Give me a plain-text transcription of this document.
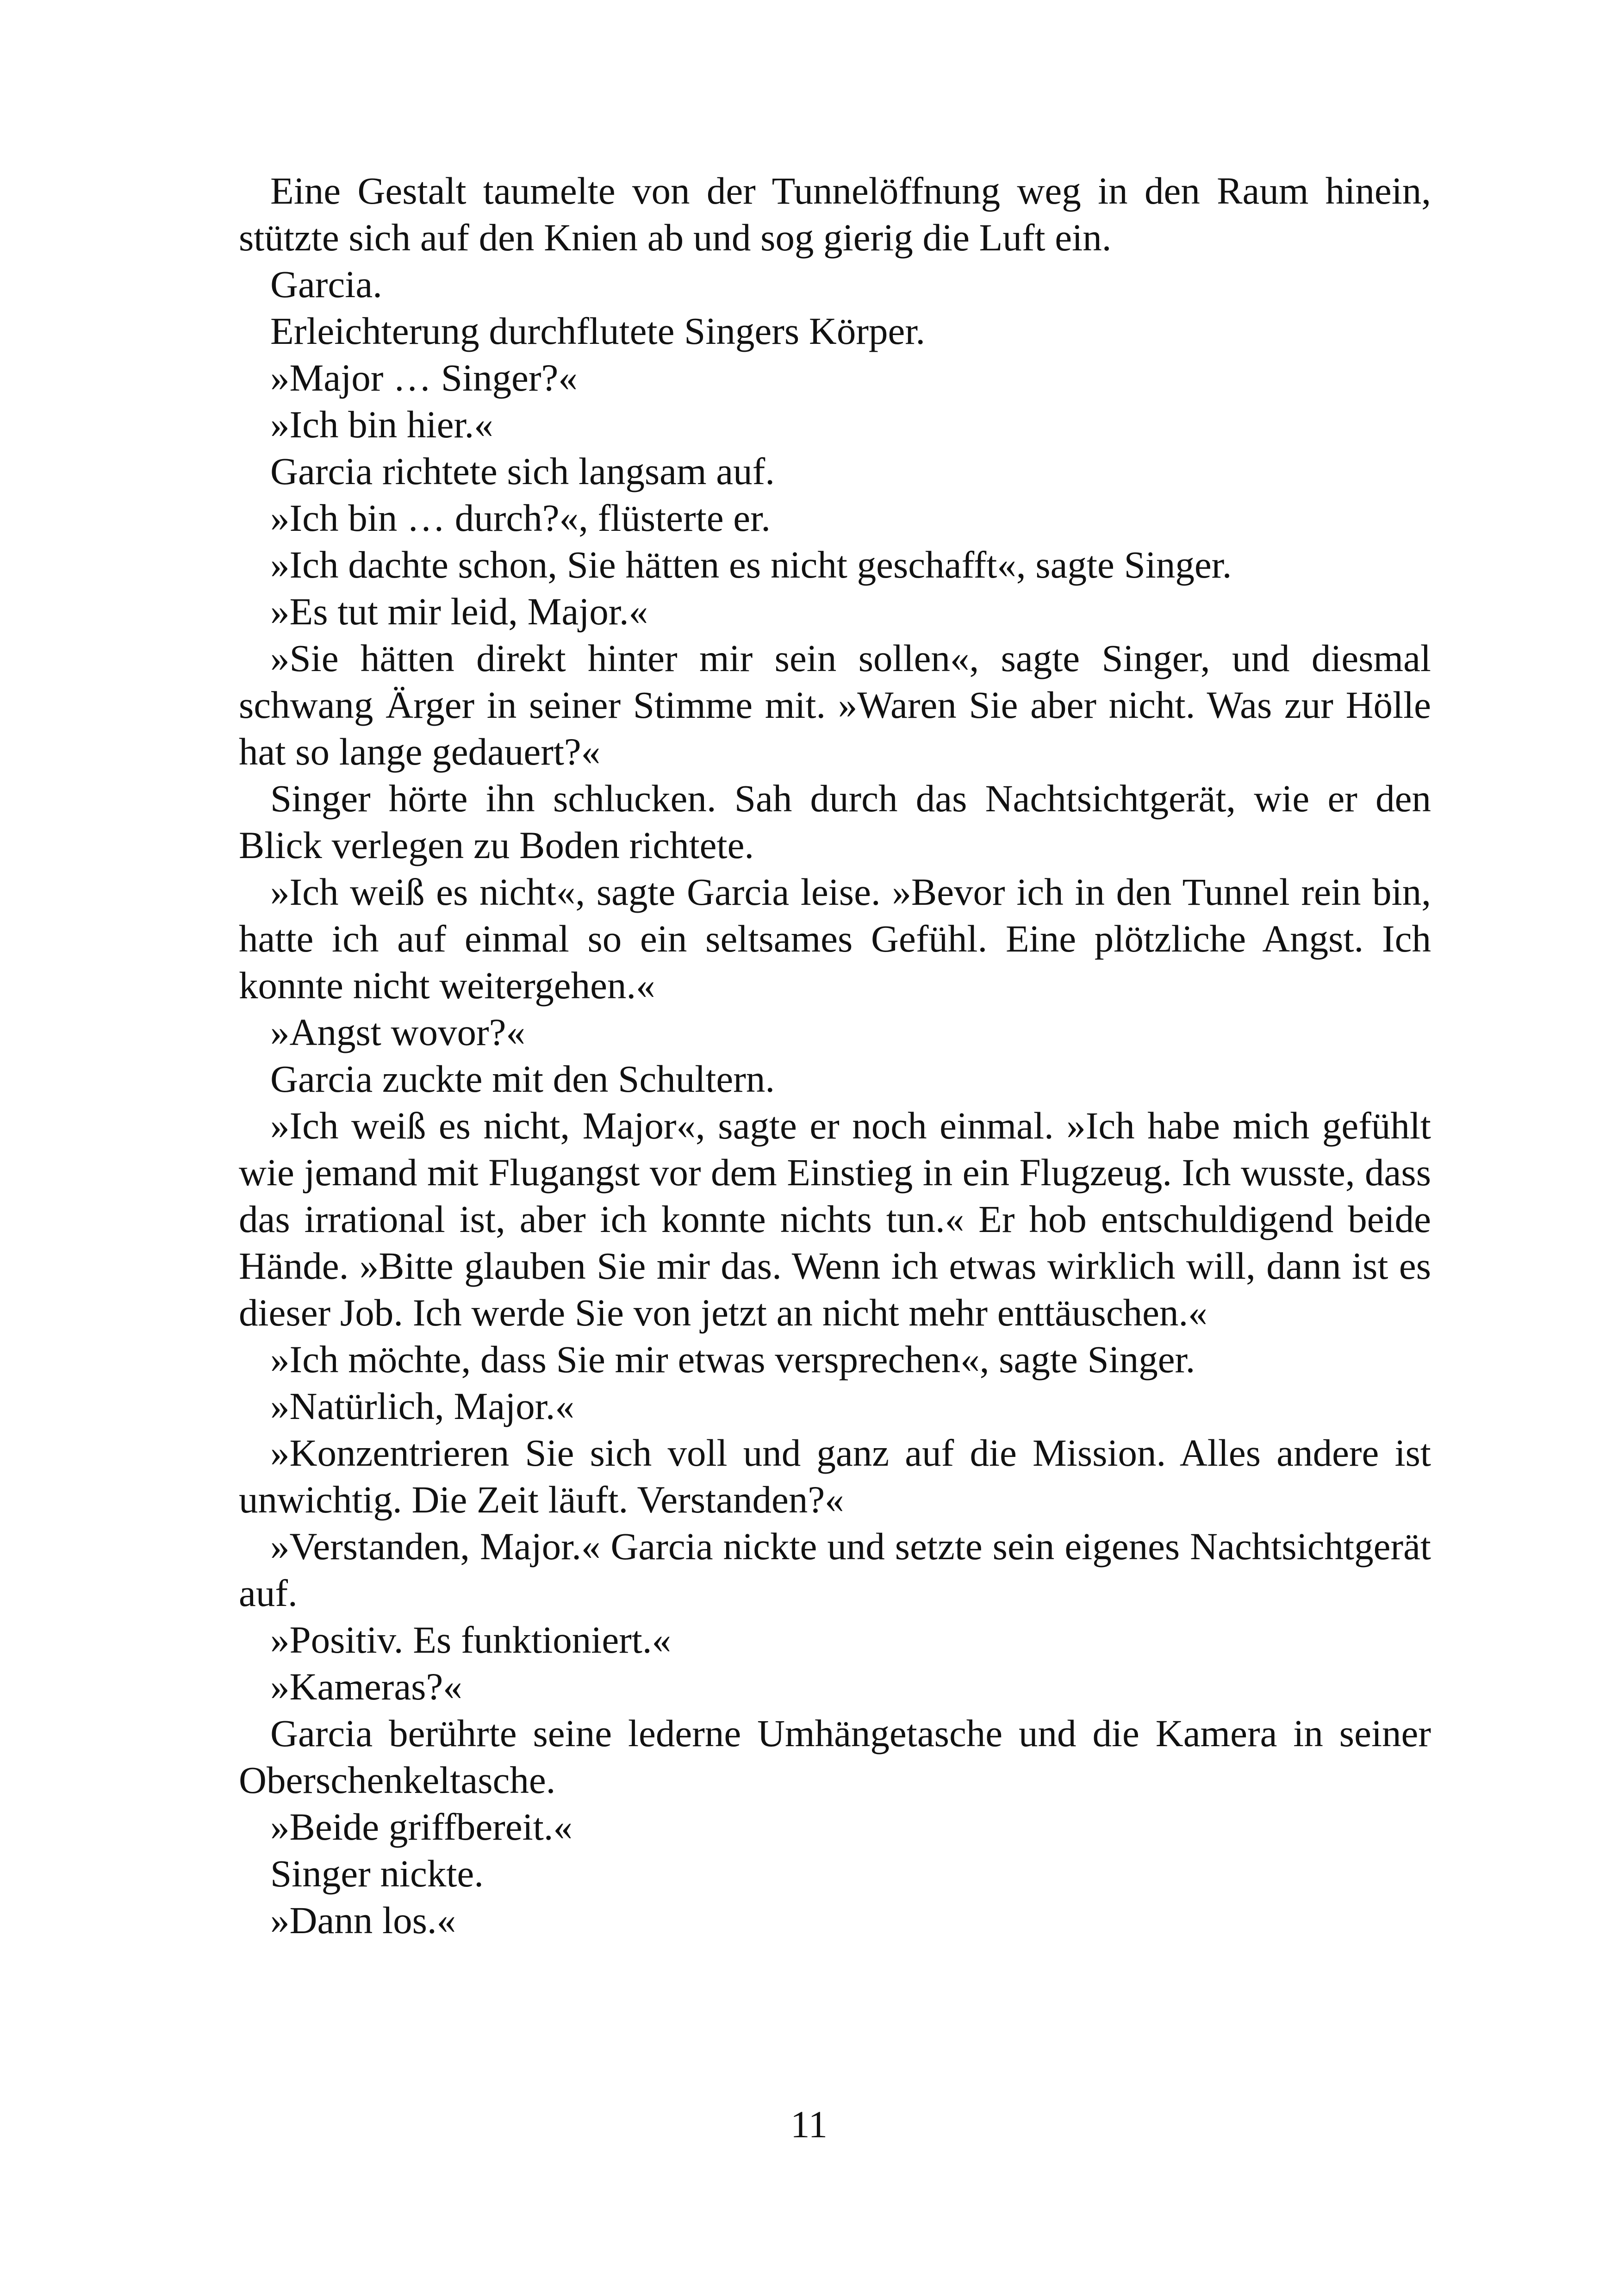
Eine Gestalt taumelte von der Tunnelöffnung weg in den Raum hinein, stützte sich auf den Knien ab und sog gierig die Luft ein.

Garcia.

Erleichterung durchflutete Singers Körper.

»Major … Singer?«

»Ich bin hier.«

Garcia richtete sich langsam auf.

»Ich bin … durch?«, flüsterte er.

»Ich dachte schon, Sie hätten es nicht geschafft«, sagte Singer.

»Es tut mir leid, Major.«

»Sie hätten direkt hinter mir sein sollen«, sagte Singer, und diesmal schwang Ärger in seiner Stimme mit. »Waren Sie aber nicht. Was zur Hölle hat so lange gedauert?«

Singer hörte ihn schlucken. Sah durch das Nachtsichtgerät, wie er den Blick verlegen zu Boden richtete.

»Ich weiß es nicht«, sagte Garcia leise. »Bevor ich in den Tunnel rein bin, hatte ich auf einmal so ein seltsames Gefühl. Eine plötzliche Angst. Ich konnte nicht weitergehen.«

»Angst wovor?«

Garcia zuckte mit den Schultern.

»Ich weiß es nicht, Major«, sagte er noch einmal. »Ich habe mich gefühlt wie jemand mit Flugangst vor dem Einstieg in ein Flugzeug. Ich wusste, dass das irrational ist, aber ich konnte nichts tun.« Er hob entschuldigend beide Hände. »Bitte glauben Sie mir das. Wenn ich etwas wirklich will, dann ist es dieser Job. Ich werde Sie von jetzt an nicht mehr enttäuschen.«

»Ich möchte, dass Sie mir etwas versprechen«, sagte Singer.

»Natürlich, Major.«

»Konzentrieren Sie sich voll und ganz auf die Mission. Alles andere ist unwichtig. Die Zeit läuft. Verstanden?«

»Verstanden, Major.« Garcia nickte und setzte sein eigenes Nachtsichtgerät auf.

»Positiv. Es funktioniert.«

»Kameras?«

Garcia berührte seine lederne Umhängetasche und die Kamera in seiner Oberschenkeltasche.

»Beide griffbereit.«

Singer nickte.

»Dann los.«

11
